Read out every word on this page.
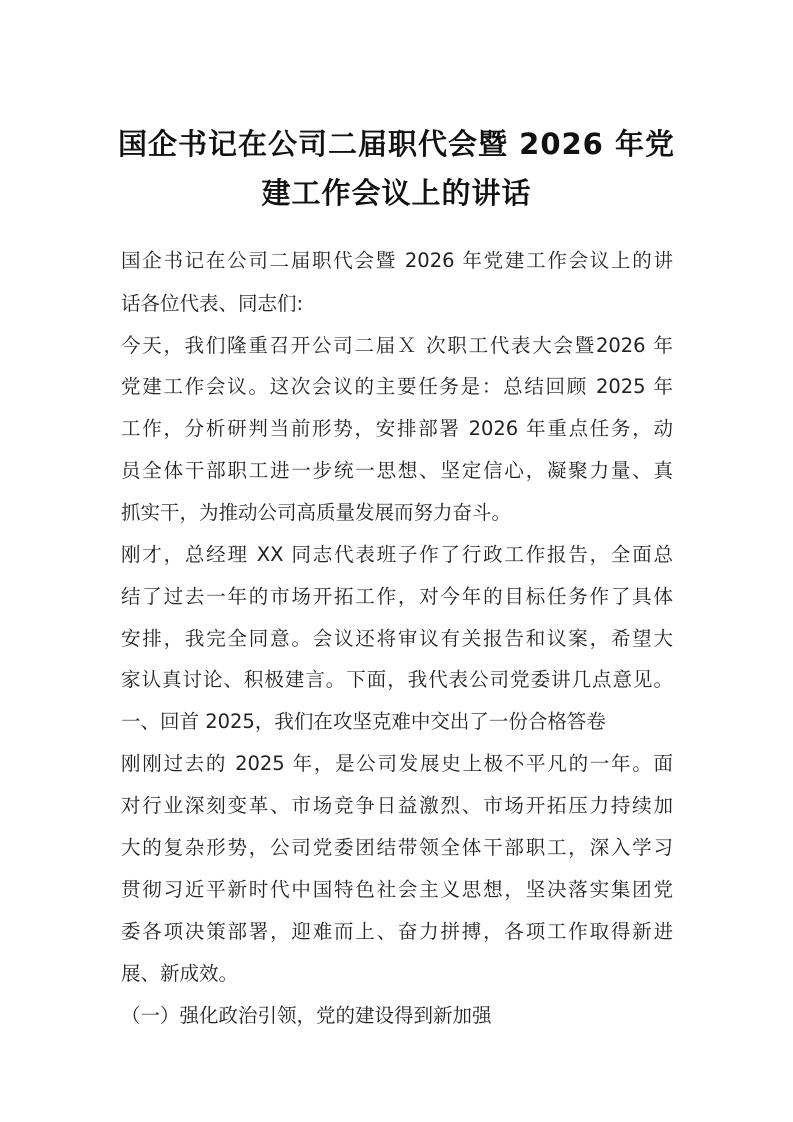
国企书记在公司二届职代会暨 2026 年党
建工作会议上的讲话
国企书记在公司二届职代会暨 2026 年党建工作会议上的讲
话各位代表、同志们:
今天，我们隆重召开公司二届Ｘ 次职工代表大会暨2026 年
党建工作会议。这次会议的主要任务是：总结回顾 2025 年
工作，分析研判当前形势，安排部署 2026 年重点任务，动
员全体干部职工进一步统一思想、坚定信心，凝聚力量、真
抓实干，为推动公司高质量发展而努力奋斗。
刚才，总经理 XX 同志代表班子作了行政工作报告，全面总
结了过去一年的市场开拓工作，对今年的目标任务作了具体
安排，我完全同意。会议还将审议有关报告和议案，希望大
家认真讨论、积极建言。下面，我代表公司党委讲几点意见。
一、回首 2025，我们在攻坚克难中交出了一份合格答卷
刚刚过去的 2025 年，是公司发展史上极不平凡的一年。面
对行业深刻变革、市场竞争日益激烈、市场开拓压力持续加
大的复杂形势，公司党委团结带领全体干部职工，深入学习
贯彻习近平新时代中国特色社会主义思想，坚决落实集团党
委各项决策部署，迎难而上、奋力拼搏，各项工作取得新进
展、新成效。
（一）强化政治引领，党的建设得到新加强
